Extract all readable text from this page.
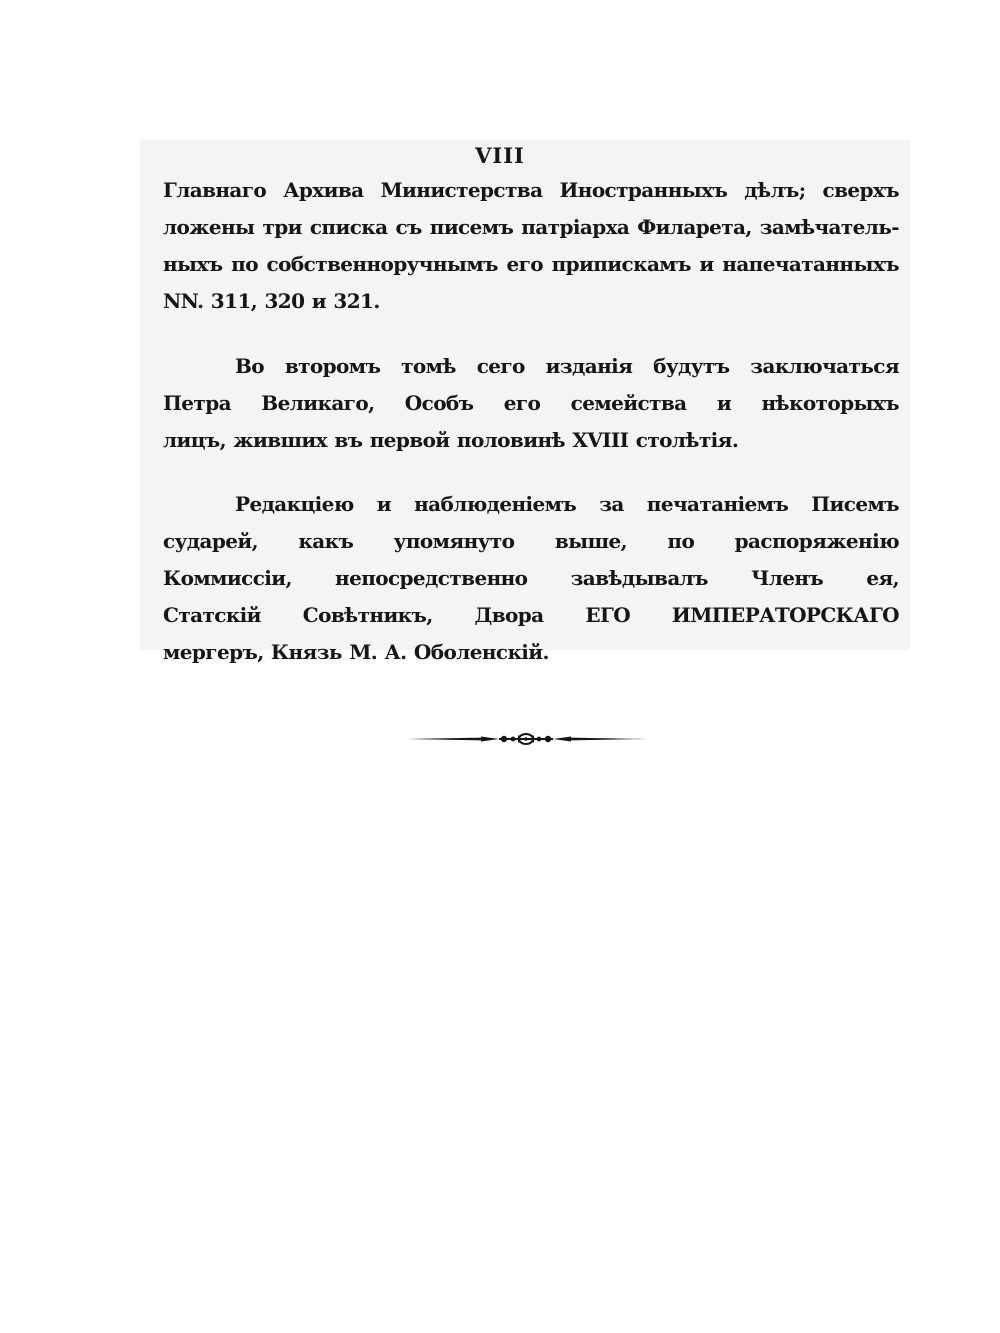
VIII
Главнаго Архива Министерства Иностранныхъ дѣлъ; сверхъ
ложены три списка съ писемъ патріарха Филарета, замѣчатель-
ныхъ по собственноручнымъ его припискамъ и напечатанныхъ
NN. 311, 320 и 321.
Во второмъ томѣ сего изданія будутъ заключаться
Петра Великаго, Особъ его семейства и нѣкоторыхъ
лицъ, живших въ первой половинѣ XVIII столѣтія.
Редакціею и наблюденіемъ за печатаніемъ Писемъ
сударей, какъ упомянуто выше, по распоряженію
Коммиссіи, непосредственно завѣдывалъ Членъ ея,
Статскій Совѣтникъ, Двора ЕГО ИМПЕРАТОРСКАГО
мергеръ, Князь М. А. Оболенскій.
